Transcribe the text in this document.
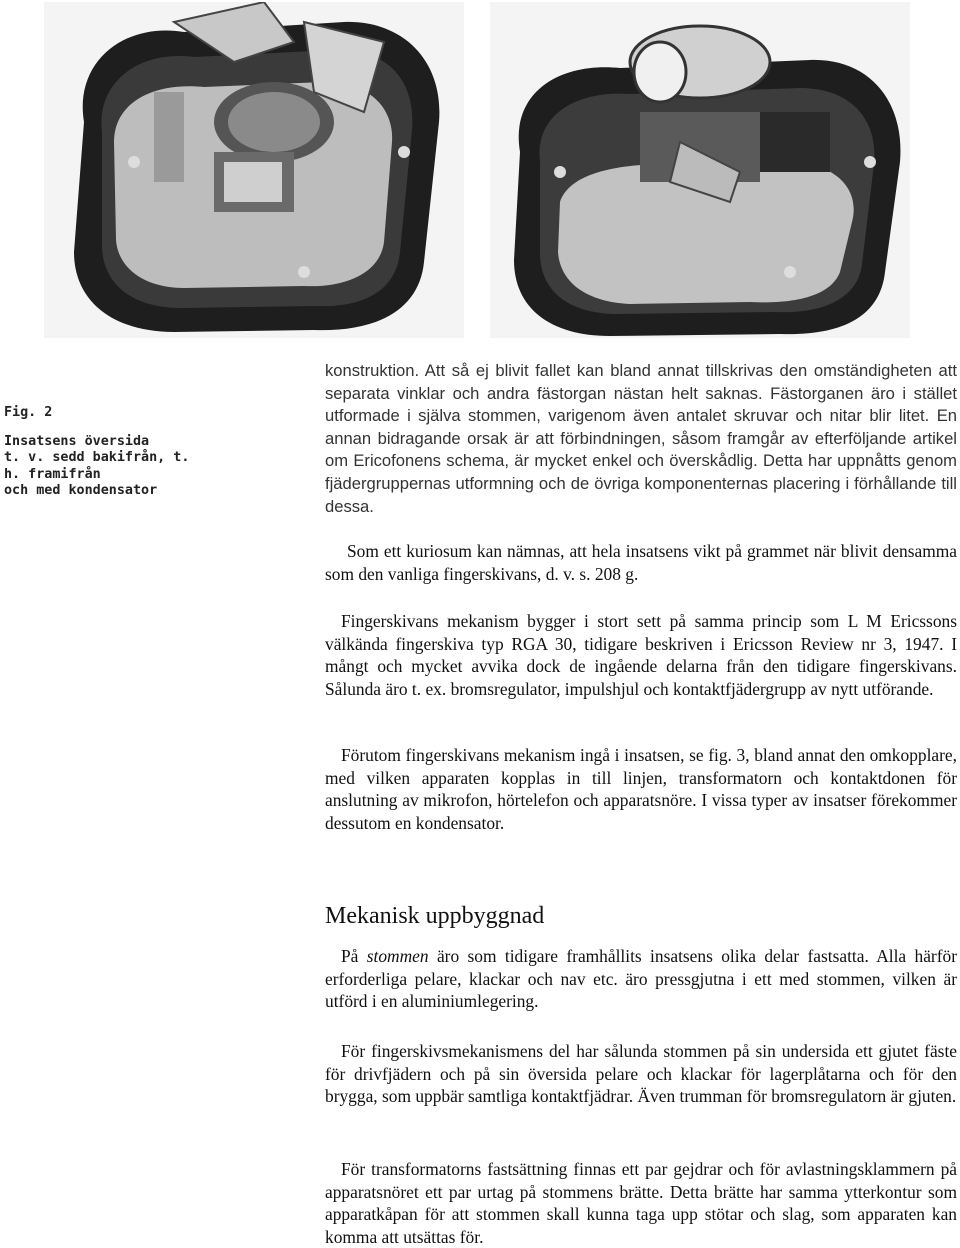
Fig. 2
Insatsens översida
t. v. sedd bakifrån, t. h. framifrån
och med kondensator

konstruktion. Att så ej blivit fallet kan bland annat tillskrivas den omständigheten att separata vinklar och andra fästorgan nästan helt saknas. Fästorganen äro i stället utformade i själva stommen, varigenom även antalet skruvar och nitar blir litet. En annan bidragande orsak är att förbindningen, såsom framgår av efterföljande artikel om Ericofonens schema, är mycket enkel och överskådlig. Detta har uppnåtts genom fjädergruppernas utformning och de övriga komponenternas placering i förhållande till dessa.

Som ett kuriosum kan nämnas, att hela insatsens vikt på grammet när blivit densamma som den vanliga fingerskivans, d. v. s. 208 g.

Fingerskivans mekanism bygger i stort sett på samma princip som L M Ericssons välkända fingerskiva typ RGA 30, tidigare beskriven i Ericsson Review nr 3, 1947. I mångt och mycket avvika dock de ingående delarna från den tidigare fingerskivans. Sålunda äro t. ex. bromsregulator, impulshjul och kontaktfjädergrupp av nytt utförande.

Förutom fingerskivans mekanism ingå i insatsen, se fig. 3, bland annat den omkopplare, med vilken apparaten kopplas in till linjen, transformatorn och kontaktdonen för anslutning av mikrofon, hörtelefon och apparatsnöre. I vissa typer av insatser förekommer dessutom en kondensator.

Mekanisk uppbyggnad

På stommen äro som tidigare framhållits insatsens olika delar fastsatta. Alla härför erforderliga pelare, klackar och nav etc. äro pressgjutna i ett med stommen, vilken är utförd i en aluminiumlegering.

För fingerskivsmekanismens del har sålunda stommen på sin undersida ett gjutet fäste för drivfjädern och på sin översida pelare och klackar för lagerplåtarna och för den brygga, som uppbär samtliga kontaktfjädrar. Även trumman för bromsregulatorn är gjuten.

För transformatorns fastsättning finnas ett par gejdrar och för avlastningsklammern på apparatsnöret ett par urtag på stommens brätte. Detta brätte har samma ytterkontur som apparatkåpan för att stommen skall kunna taga upp stötar och slag, som apparaten kan komma att utsättas för.
